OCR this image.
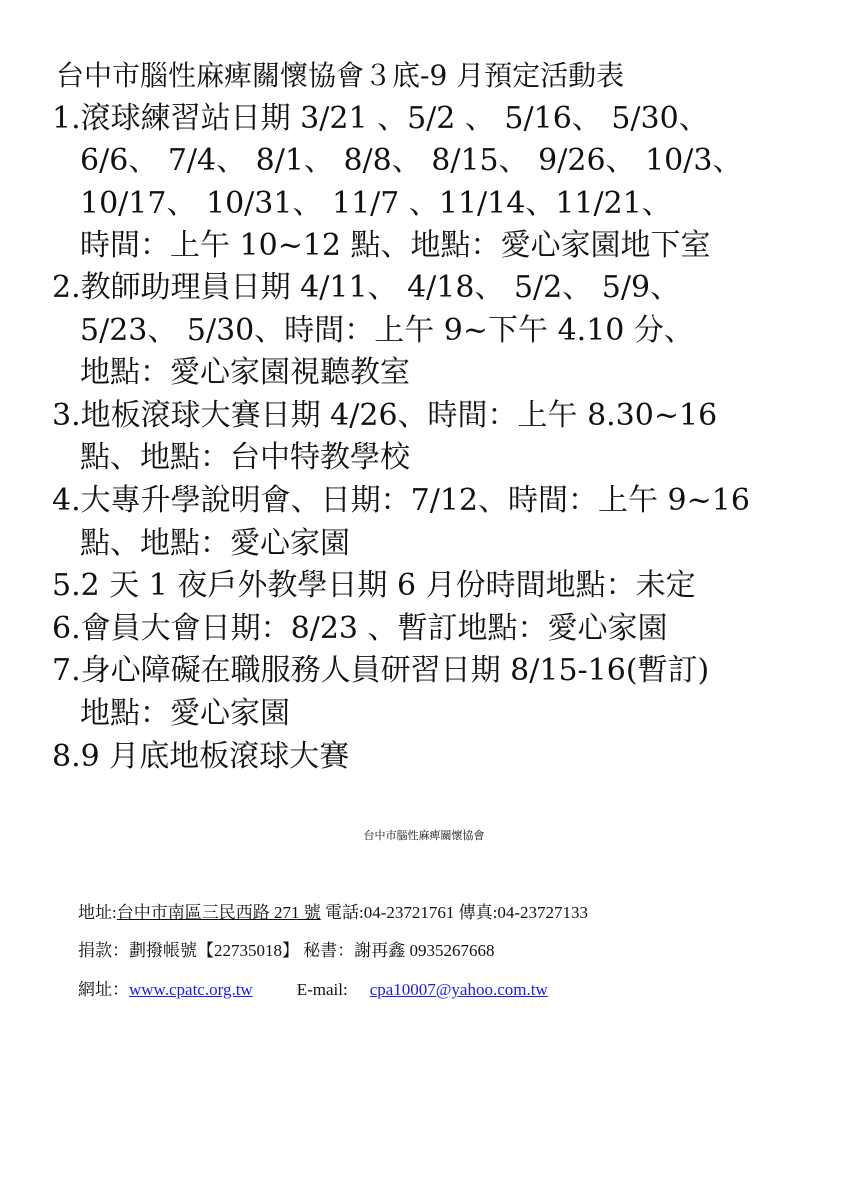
台中市腦性麻痺關懷協會３底-9 月預定活動表
1.滾球練習站日期 3/21 、5/2 、 5/16、 5/30、
6/6、 7/4、 8/1、 8/8、 8/15、 9/26、 10/3、
10/17、 10/31、 11/7 、11/14、11/21、
時間：上午 10~12 點、地點：愛心家園地下室
2.教師助理員日期 4/11、 4/18、 5/2、 5/9、
5/23、 5/30、時間：上午 9~下午 4.10 分、
地點：愛心家園視聽教室
3.地板滾球大賽日期 4/26、時間：上午 8.30~16
點、地點：台中特教學校
4.大專升學說明會、日期：7/12、時間：上午 9~16
點、地點：愛心家園
5.2 天 1 夜戶外教學日期 6 月份時間地點：未定
6.會員大會日期：8/23 、暫訂地點：愛心家園
7.身心障礙在職服務人員研習日期 8/15-16(暫訂)
地點：愛心家園
8.9 月底地板滾球大賽
台中市腦性麻痺關懷協會
地址:台中市南區三民西路 271 號 電話:04-23721761 傳真:04-23727133
捐款：劃撥帳號【22735018】 秘書：謝再鑫 0935267668
網址：www.cpatc.org.tw	E-mail: cpa10007@yahoo.com.tw
